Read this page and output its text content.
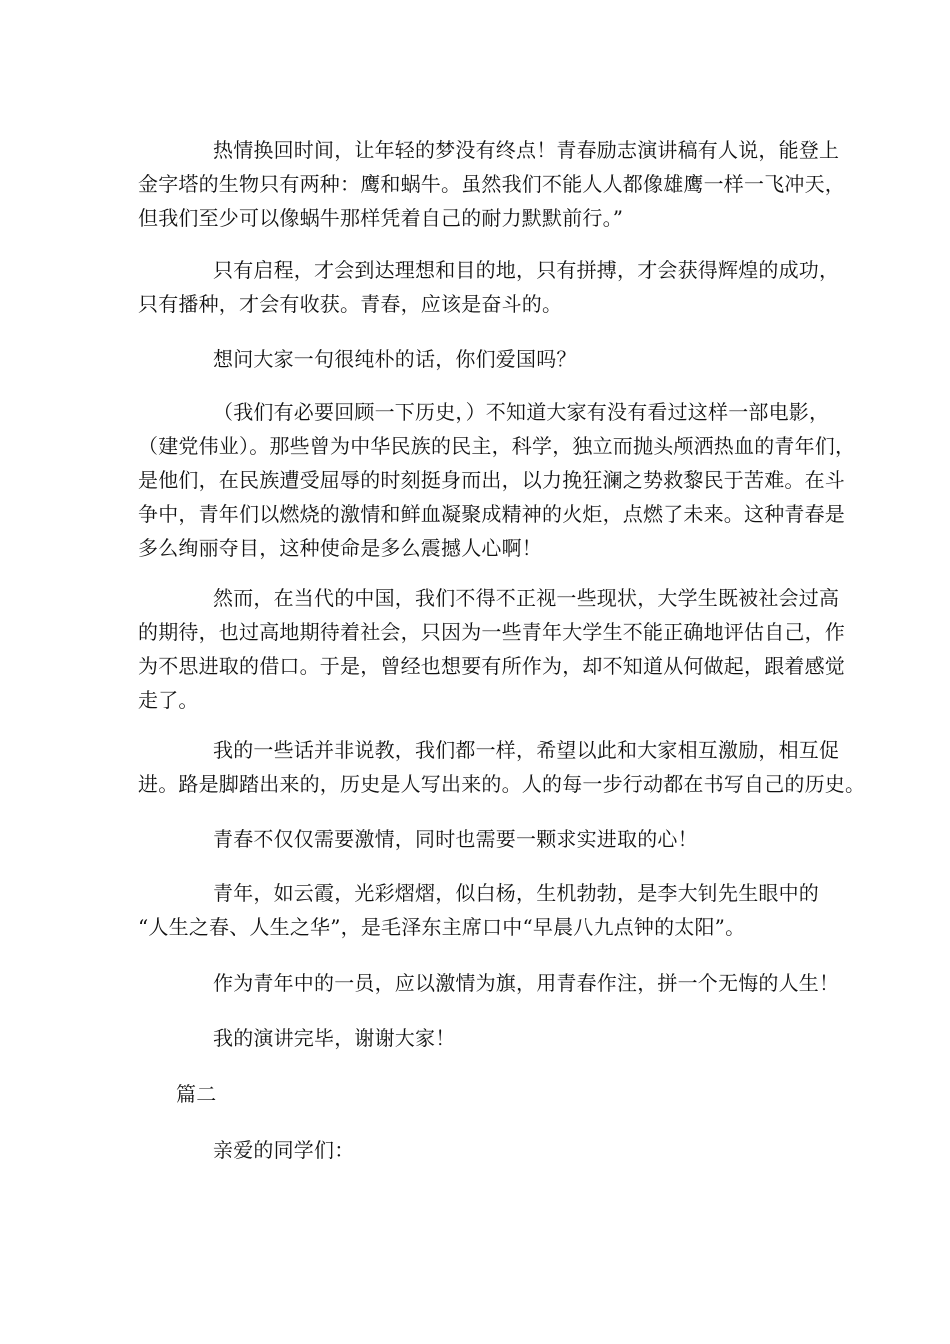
热情换回时间，让年轻的梦没有终点！青春励志演讲稿有人说，能登上
金字塔的生物只有两种：鹰和蜗牛。虽然我们不能人人都像雄鹰一样一飞冲天，
但我们至少可以像蜗牛那样凭着自己的耐力默默前行。”

只有启程，才会到达理想和目的地，只有拼搏，才会获得辉煌的成功，
只有播种，才会有收获。青春，应该是奋斗的。

想问大家一句很纯朴的话，你们爱国吗？

（我们有必要回顾一下历史，）不知道大家有没有看过这样一部电影，
（建党伟业）。那些曾为中华民族的民主，科学，独立而抛头颅洒热血的青年们，
是他们，在民族遭受屈辱的时刻挺身而出，以力挽狂澜之势救黎民于苦难。在斗
争中，青年们以燃烧的激情和鲜血凝聚成精神的火炬，点燃了未来。这种青春是
多么绚丽夺目，这种使命是多么震撼人心啊！

然而，在当代的中国，我们不得不正视一些现状，大学生既被社会过高
的期待，也过高地期待着社会，只因为一些青年大学生不能正确地评估自己，作
为不思进取的借口。于是，曾经也想要有所作为，却不知道从何做起，跟着感觉
走了。

我的一些话并非说教，我们都一样，希望以此和大家相互激励，相互促
进。路是脚踏出来的，历史是人写出来的。人的每一步行动都在书写自己的历史。

青春不仅仅需要激情，同时也需要一颗求实进取的心！

青年，如云霞，光彩熠熠，似白杨，生机勃勃，是李大钊先生眼中的
“人生之春、人生之华”，是毛泽东主席口中“早晨八九点钟的太阳”。

作为青年中的一员，应以激情为旗，用青春作注，拼一个无悔的人生！

我的演讲完毕，谢谢大家！

篇二

亲爱的同学们：
